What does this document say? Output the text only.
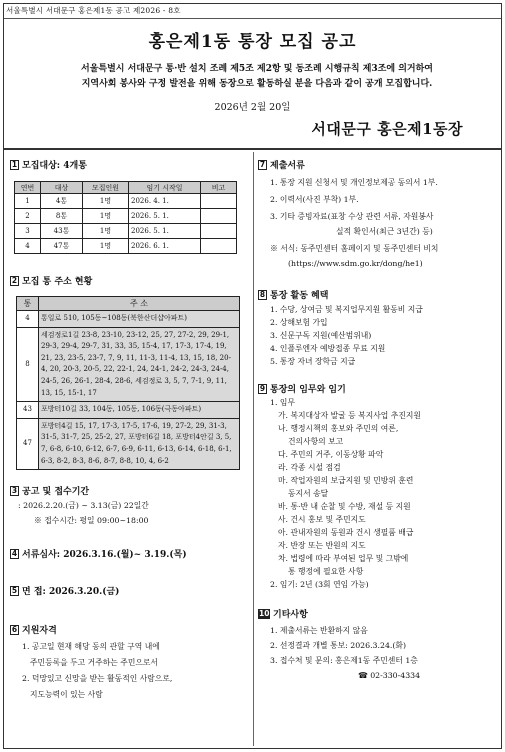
서울특별시 서대문구 홍은제1동 공고 제2026 - 8호
홍은제1동 통장 모집 공고
서울특별시 서대문구 통·반 설치 조례 제5조 제2항 및 동조례 시행규칙 제3조에 의거하여
지역사회 봉사와 구정 발전을 위해 동장으로 활동하실 분을 다음과 같이 공개 모집합니다.
2026년 2월 20일
서대문구 홍은제1동장
1 모집대상: 4개통
연번	대상	모집인원	임기 시작일	비고
1	4통	1명	2026. 4. 1.	
2	8통	1명	2026. 5. 1.	
3	43통	1명	2026. 5. 1.	
4	47통	1명	2026. 6. 1.	
2 모집 통 주소 현황
통	주 소
4	통일로 510, 105동~108동(북한산더샵아파트)
8	세검정로1길 23-8, 23-10, 23-12, 25, 27, 27-2, 29, 29-1, 29-3, 29-4, 29-7, 31, 33, 35, 15-4, 17, 17-3, 17-4, 19, 21, 23, 23-5, 23-7, 7, 9, 11, 11-3, 11-4, 13, 15, 18, 20-4, 20, 20-3, 20-5, 22, 22-1, 24, 24-1, 24-2, 24-3, 24-4, 24-5, 26, 26-1, 28-4, 28-6, 세검정로 3, 5, 7, 7-1, 9, 11, 13, 15, 15-1, 17
43	포방터10길 33, 104동, 105동, 106동(극동아파트)
47	포방터4길 15, 17, 17-3, 17-5, 17-6, 19, 27-2, 29, 31-3, 31-5, 31-7, 25, 25-2, 27, 포방터6길 18, 포방터4안길 3, 5, 7, 6-8, 6-10, 6-12, 6-7, 6-9, 6-11, 6-13, 6-14, 6-18, 6-1, 6-3, 8-2, 8-3, 8-6, 8-7, 8-8, 10, 4, 6-2
3 공고 및 접수기간
: 2026.2.20.(금) ~ 3.13(금) 22일간
※ 접수시간: 평일 09:00~18:00
4 서류심사: 2026.3.16.(월)~ 3.19.(목)
5 면 접: 2026.3.20.(금)
6 지원자격
1. 공고일 현재 해당 동의 관할 구역 내에
주민등록을 두고 거주하는 주민으로서
2. 덕망있고 신망을 받는 활동적인 사람으로,
지도능력이 있는 사람
7 제출서류
1. 통장 지원 신청서 및 개인정보제공 동의서 1부.
2. 이력서(사진 부착) 1부.
3. 기타 증빙자료(표창 수상 관련 서류, 자원봉사
실적 확인서(최근 3년간) 등)
※ 서식: 동주민센터 홈페이지 및 동주민센터 비치
(https://www.sdm.go.kr/dong/he1)
8 통장 활동 혜택
1. 수당, 상여금 및 복지업무지원 활동비 지급
2. 상해보험 가입
3. 신문구독 지원(예산범위내)
4. 인플루엔자 예방접종 무료 지원
5. 통장 자녀 장학금 지급
9 통장의 임무와 임기
1. 임무
가. 복지대상자 발굴 등 복지사업 추진지원
나. 행정시책의 홍보와 주민의 여론,
건의사항의 보고
다. 주민의 거주, 이동상황 파악
라. 각종 시설 점검
마. 작업자원의 보급지원 및 민방위 훈련
동지서 송달
바. 통·반 내 순찰 및 수방, 재설 등 지원
사. 건시 홍보 및 주민지도
아. 관내자원의 동원과 건시 생필품 배급
자. 반장 또는 반원의 지도
차. 법령에 따라 부여된 업무 및 그밖에
통 행정에 필요한 사항
2. 임기: 2년 (3회 연임 가능)
10 기타사항
1. 제출서류는 반환하지 않음
2. 선정결과 개별 통보: 2026.3.24.(화)
3. 접수처 및 문의: 홍은제1동 주민센터 1층
☎ 02-330-4334
